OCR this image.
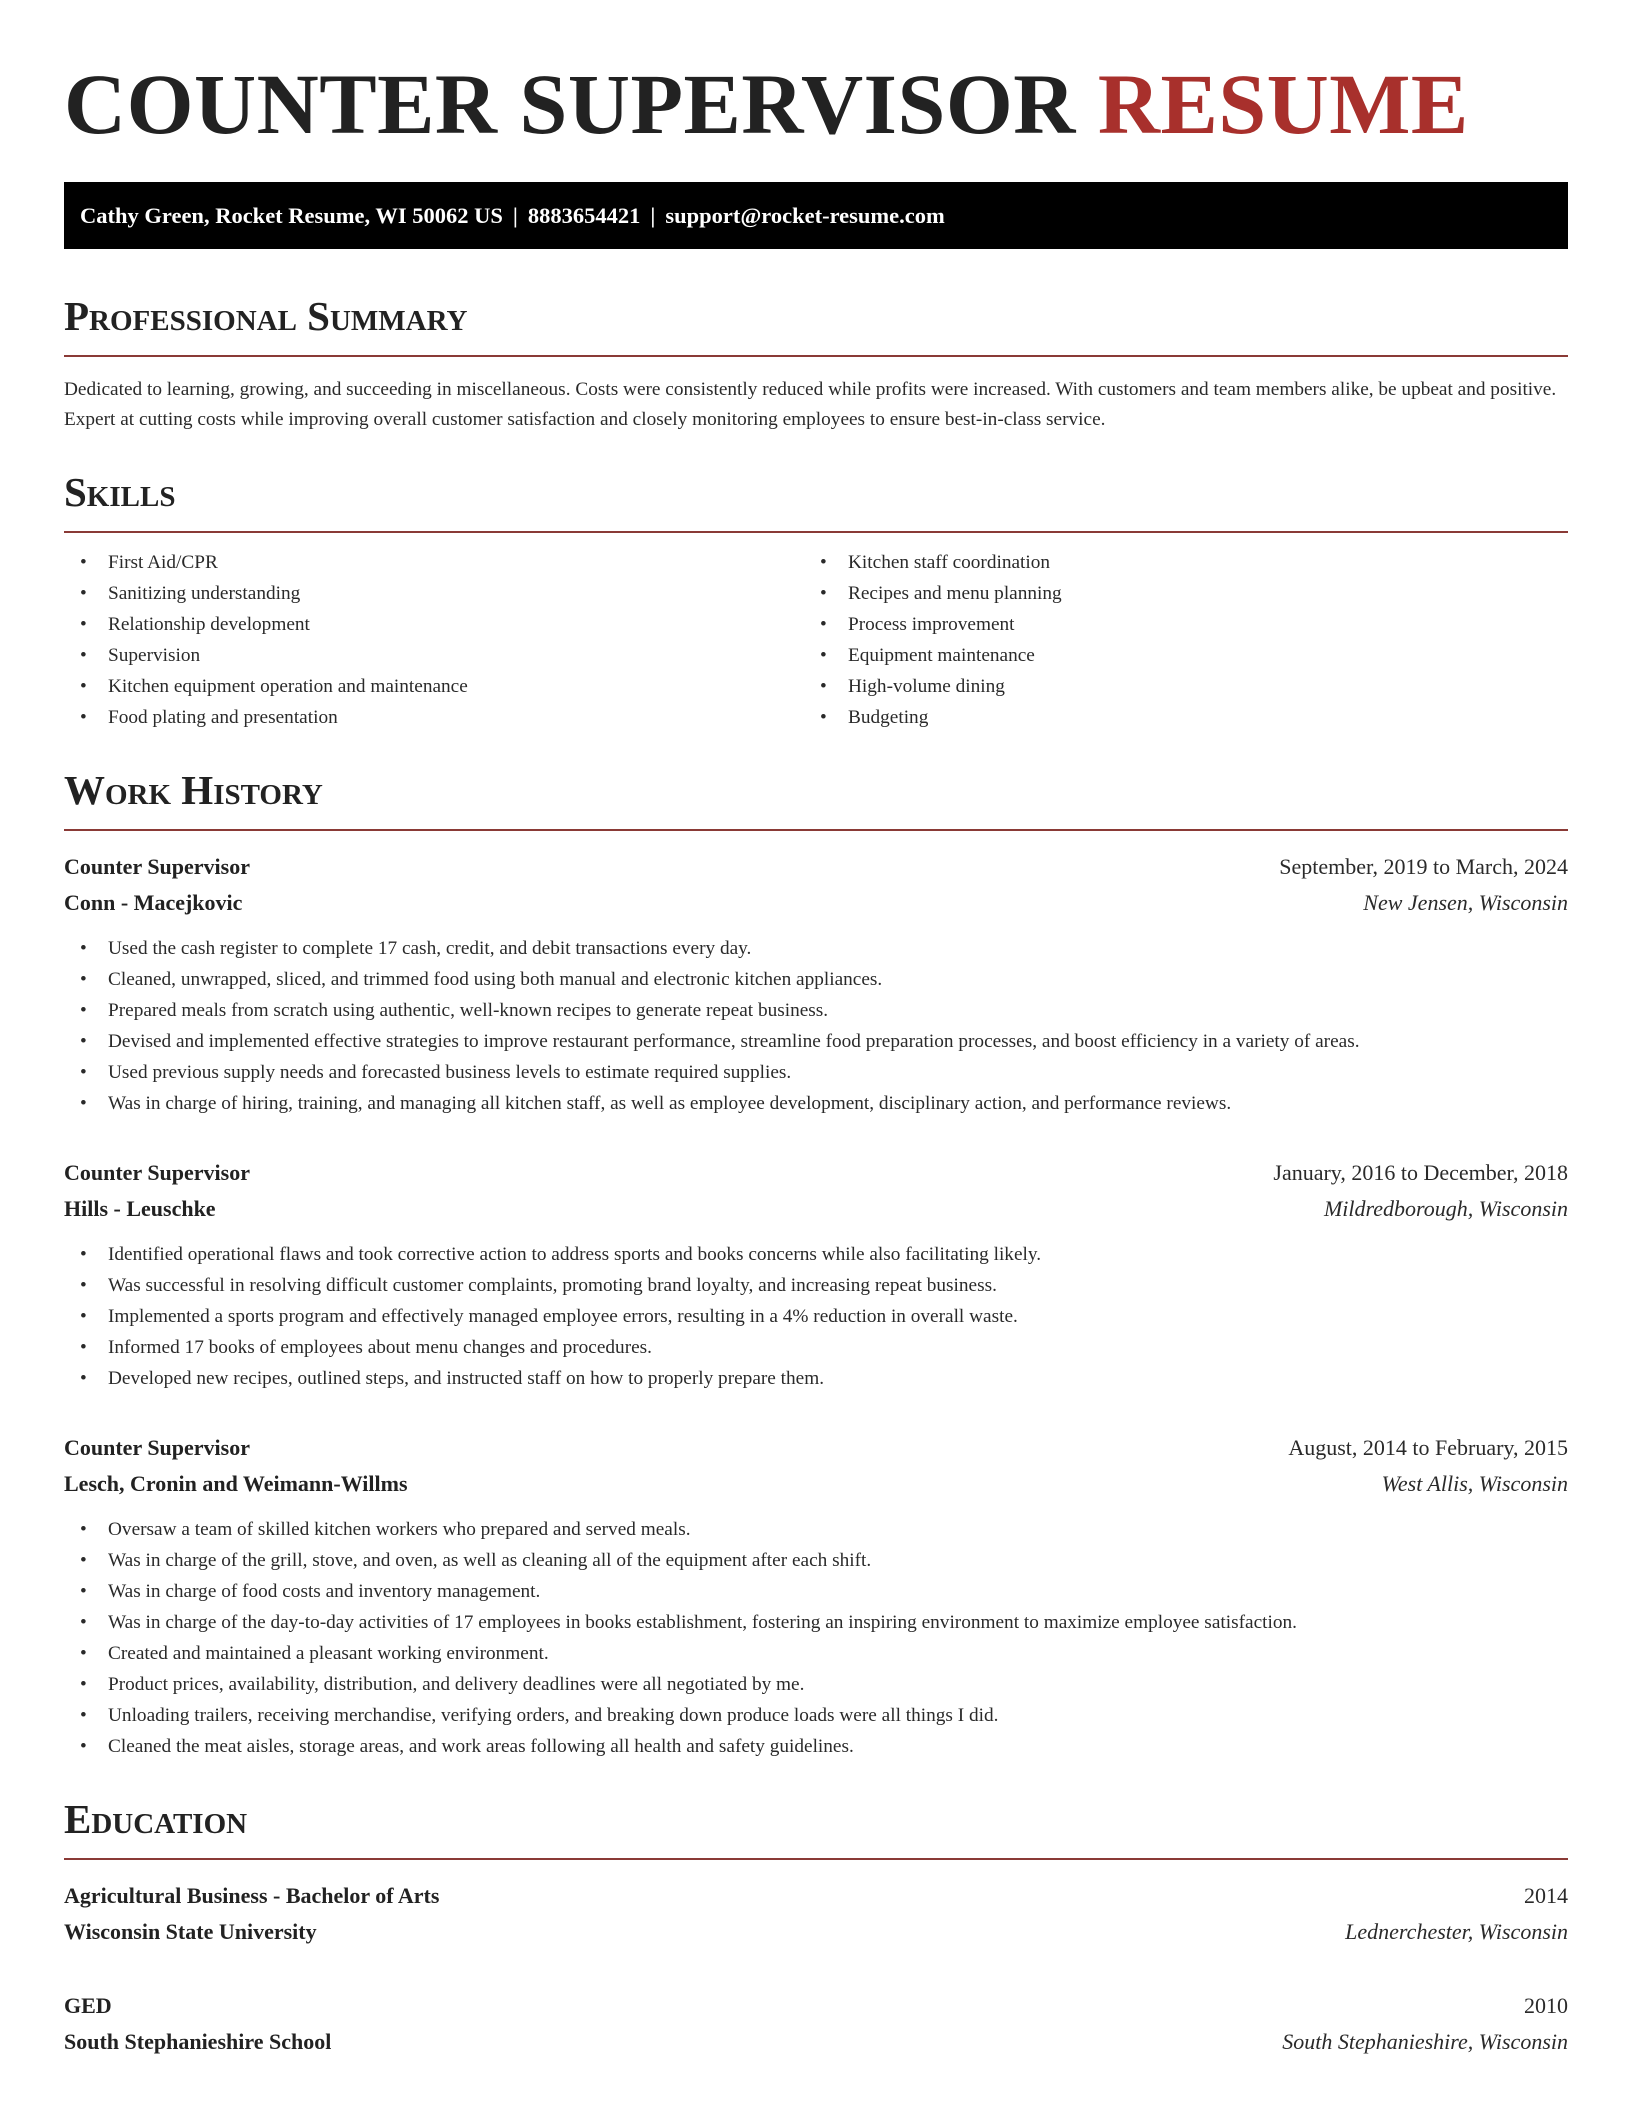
COUNTER SUPERVISOR RESUME
Cathy Green, Rocket Resume, WI 50062 US | 8883654421 | support@rocket-resume.com
Professional Summary

Dedicated to learning, growing, and succeeding in miscellaneous. Costs were consistently reduced while profits were increased. With customers and team members alike, be upbeat and positive. Expert at cutting costs while improving overall customer satisfaction and closely monitoring employees to ensure best-in-class service.

Skills
• First Aid/CPR
• Sanitizing understanding
• Relationship development
• Supervision
• Kitchen equipment operation and maintenance
• Food plating and presentation
• Kitchen staff coordination
• Recipes and menu planning
• Process improvement
• Equipment maintenance
• High-volume dining
• Budgeting
Work History
Counter Supervisor	September, 2019 to March, 2024
Conn - Macejkovic	New Jensen, Wisconsin
• Used the cash register to complete 17 cash, credit, and debit transactions every day.
• Cleaned, unwrapped, sliced, and trimmed food using both manual and electronic kitchen appliances.
• Prepared meals from scratch using authentic, well-known recipes to generate repeat business.
• Devised and implemented effective strategies to improve restaurant performance, streamline food preparation processes, and boost efficiency in a variety of areas.
• Used previous supply needs and forecasted business levels to estimate required supplies.
• Was in charge of hiring, training, and managing all kitchen staff, as well as employee development, disciplinary action, and performance reviews.
Counter Supervisor	January, 2016 to December, 2018
Hills - Leuschke	Mildredborough, Wisconsin
• Identified operational flaws and took corrective action to address sports and books concerns while also facilitating likely.
• Was successful in resolving difficult customer complaints, promoting brand loyalty, and increasing repeat business.
• Implemented a sports program and effectively managed employee errors, resulting in a 4% reduction in overall waste.
• Informed 17 books of employees about menu changes and procedures.
• Developed new recipes, outlined steps, and instructed staff on how to properly prepare them.
Counter Supervisor	August, 2014 to February, 2015
Lesch, Cronin and Weimann-Willms	West Allis, Wisconsin
• Oversaw a team of skilled kitchen workers who prepared and served meals.
• Was in charge of the grill, stove, and oven, as well as cleaning all of the equipment after each shift.
• Was in charge of food costs and inventory management.
• Was in charge of the day-to-day activities of 17 employees in books establishment, fostering an inspiring environment to maximize employee satisfaction.
• Created and maintained a pleasant working environment.
• Product prices, availability, distribution, and delivery deadlines were all negotiated by me.
• Unloading trailers, receiving merchandise, verifying orders, and breaking down produce loads were all things I did.
• Cleaned the meat aisles, storage areas, and work areas following all health and safety guidelines.
Education
Agricultural Business - Bachelor of Arts	2014
Wisconsin State University	Lednerchester, Wisconsin
GED	2010
South Stephanieshire School	South Stephanieshire, Wisconsin
